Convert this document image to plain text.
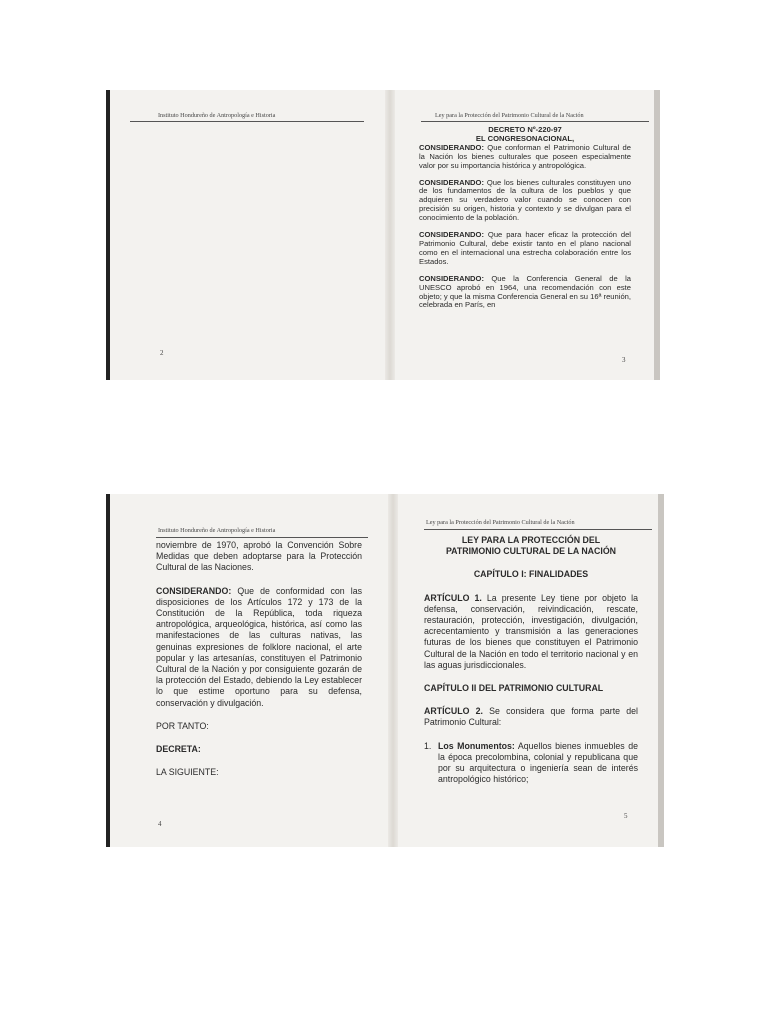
Instituto Hondureño de Antropología e Historia
2
Ley para la Protección del Patrimonio Cultural de la Nación

DECRETO Nº-220-97

EL CONGRESONACIONAL,

CONSIDERANDO: Que conforman el Patrimonio Cultural de la Nación los bienes culturales que poseen especialmente valor por su importancia histórica y antropológica.

CONSIDERANDO: Que los bienes culturales constituyen uno de los fundamentos de la cultura de los pueblos y que adquieren su verdadero valor cuando se conocen con precisión su origen, historia y contexto y se divulgan para el conocimiento de la población.

CONSIDERANDO: Que para hacer eficaz la protección del Patrimonio Cultural, debe existir tanto en el plano nacional como en el internacional una estrecha colaboración entre los Estados.

CONSIDERANDO: Que la Conferencia General de la UNESCO aprobó en 1964, una recomendación con este objeto; y que la misma Conferencia General en su 16ª reunión, celebrada en París, en

3
Instituto Hondureño de Antropología e Historia

noviembre de 1970, aprobó la Convención Sobre Medidas que deben adoptarse para la Protección Cultural de las Naciones.

CONSIDERANDO: Que de conformidad con las disposiciones de los Artículos 172 y 173 de la Constitución de la República, toda riqueza antropológica, arqueológica, histórica, así como las manifestaciones de las culturas nativas, las genuinas expresiones de folklore nacional, el arte popular y las artesanías, constituyen el Patrimonio Cultural de la Nación y por consiguiente gozarán de la protección del Estado, debiendo la Ley establecer lo que estime oportuno para su defensa, conservación y divulgación.

POR TANTO:

DECRETA:

LA SIGUIENTE:

4
Ley para la Protección del Patrimonio Cultural de la Nación

LEY PARA LA PROTECCIÓN DEL

PATRIMONIO CULTURAL DE LA NACIÓN

CAPÍTULO I: FINALIDADES

ARTÍCULO 1. La presente Ley tiene por objeto la defensa, conservación, reivindicación, rescate, restauración, protección, investigación, divulgación, acrecentamiento y transmisión a las generaciones futuras de los bienes que constituyen el Patrimonio Cultural de la Nación en todo el territorio nacional y en las aguas jurisdiccionales.

CAPÍTULO II DEL PATRIMONIO CULTURAL

ARTÍCULO 2. Se considera que forma parte del Patrimonio Cultural:

1. Los Monumentos: Aquellos bienes inmuebles de la época precolombina, colonial y republicana que por su arquitectura o ingeniería sean de interés antropológico histórico;
5
